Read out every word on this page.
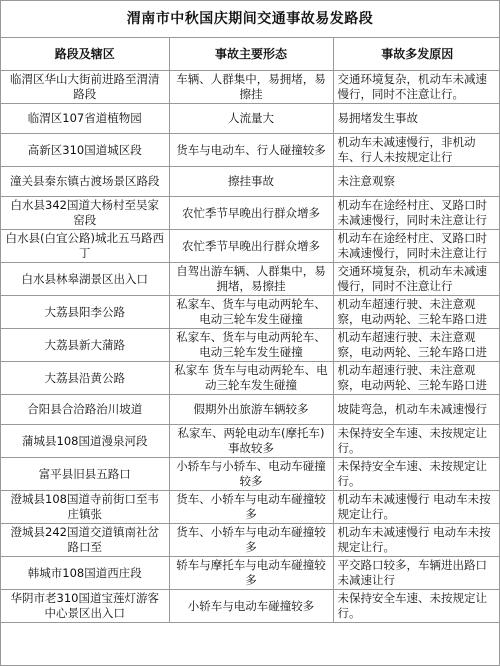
渭南市中秋国庆期间交通事故易发路段
路段及辖区	事故主要形态	事故多发原因
临渭区华山大街前进路至渭清路段	车辆、人群集中，易拥堵，易擦挂	交通环境复杂，机动车未减速慢行，同时不注意让行。
临渭区107省道植物园	人流量大	易拥堵发生事故
高新区310国道城区段	货车与电动车、行人碰撞较多	机动车未减速慢行，非机动车、行人未按规定让行
潼关县秦东镇古渡场景区路段	擦挂事故	未注意观察
白水县342国道大杨村至吴家窑段	农忙季节早晚出行群众增多	机动车在途经村庄、叉路口时未减速慢行，同时未注意让行
白水县(白宜公路)城北五马路西丁	农忙季节早晚出行群众增多	机动车在途经村庄、叉路口时未减速慢行，同时未注意让行
白水县林皋湖景区出入口	自驾出游车辆、人群集中，易拥堵，易擦挂	交通环境复杂，机动车未减速慢行，同时不注意让行
大荔县阳李公路	私家车、货车与电动两轮车、电动三轮车发生碰撞	机动车超速行驶、未注意观察，电动两轮、三轮车路口进
大荔县新大蒲路	私家车、货车与电动两轮车、电动三轮车发生碰撞	机动车超速行驶、未注意观察，电动两轮、三轮车路口进
大荔县沿黄公路	私家车 货车与电动两轮车、电动三轮车发生碰撞	机动车超速行驶、未注意观察，电动两轮、三轮车路口进
合阳县合洽路治川坡道	假期外出旅游车辆较多	坡陡弯急，机动车未减速慢行
蒲城县108国道漫泉河段	私家车、两轮电动车(摩托车)事故较多	未保持安全车速、未按规定让行。
富平县旧县五路口	小轿车与小轿车、电动车碰撞较多	未保持安全车速、未按规定让行。
澄城县108国道寺前街口至韦庄镇张	货车、小轿车与电动车碰撞较多	机动车未减速慢行 电动车未按规定让行。
澄城县242国道交道镇南社岔路口至	货车、小轿车与电动车碰撞较多	机动车未减速慢行 电动车未按规定让行。
韩城市108国道西庄段	轿车与摩托车与电动车碰撞较多	平交路口较多，车辆进出路口未减速让行
华阴市老310国道宝莲灯游客中心景区出入口	小轿车与电动车碰撞较多	未保持安全车速、未按规定让行。
